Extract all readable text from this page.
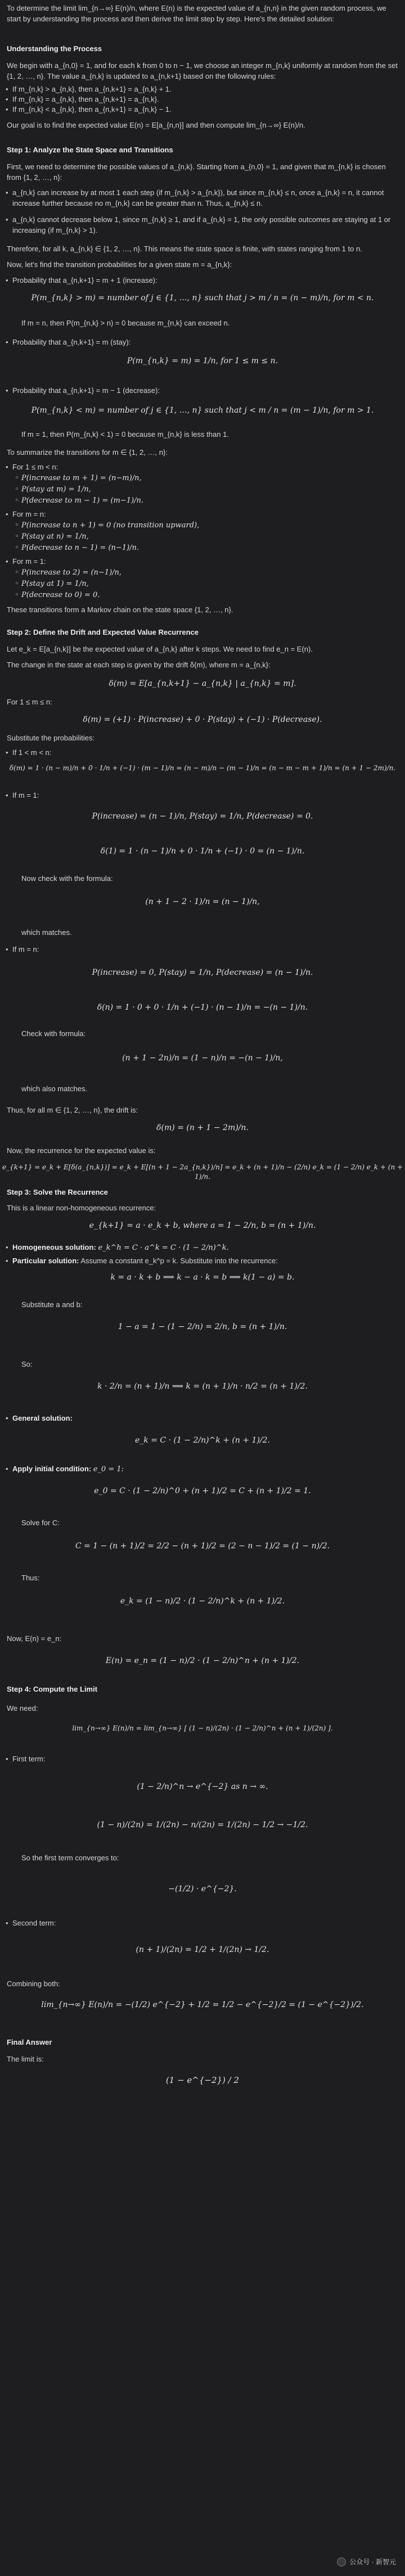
To determine the limit lim_{n→∞} E(n)/n, where E(n) is the expected value of a_{n,n} in the given random process, we start by understanding the process and then derive the limit step by step. Here's the detailed solution:

Understanding the Process

We begin with a_{n,0} = 1, and for each k from 0 to n − 1, we choose an integer m_{n,k} uniformly at random from the set {1, 2, …, n}. The value a_{n,k} is updated to a_{n,k+1} based on the following rules:

• If m_{n,k} > a_{n,k}, then a_{n,k+1} = a_{n,k} + 1.

• If m_{n,k} = a_{n,k}, then a_{n,k+1} = a_{n,k}.

• If m_{n,k} < a_{n,k}, then a_{n,k+1} = a_{n,k} − 1.

Our goal is to find the expected value E(n) = E[a_{n,n}] and then compute lim_{n→∞} E(n)/n.

Step 1: Analyze the State Space and Transitions

First, we need to determine the possible values of a_{n,k}. Starting from a_{n,0} = 1, and given that m_{n,k} is chosen from {1, 2, …, n}:

• a_{n,k} can increase by at most 1 each step (if m_{n,k} > a_{n,k}), but since m_{n,k} ≤ n, once a_{n,k} = n, it cannot increase further because no m_{n,k} can be greater than n. Thus, a_{n,k} ≤ n.

• a_{n,k} cannot decrease below 1, since m_{n,k} ≥ 1, and if a_{n,k} = 1, the only possible outcomes are staying at 1 or increasing (if m_{n,k} > 1).

Therefore, for all k, a_{n,k} ∈ {1, 2, …, n}. This means the state space is finite, with states ranging from 1 to n.

Now, let's find the transition probabilities for a given state m = a_{n,k}:

• Probability that a_{n,k+1} = m + 1 (increase):

P(m_{n,k} > m) = number of j ∈ {1, …, n} such that j > m / n = (n − m)/n, for m < n.

If m = n, then P(m_{n,k} > n) = 0 because m_{n,k} can exceed n.

• Probability that a_{n,k+1} = m (stay):

P(m_{n,k} = m) = 1/n, for 1 ≤ m ≤ n.

• Probability that a_{n,k+1} = m − 1 (decrease):

P(m_{n,k} < m) = number of j ∈ {1, …, n} such that j < m / n = (m − 1)/n, for m > 1.

If m = 1, then P(m_{n,k} < 1) = 0 because m_{n,k} is less than 1.

To summarize the transitions for m ∈ {1, 2, …, n}:

• For 1 ≤ m < n:

◦ P(increase to m + 1) = (n−m)/n,

◦ P(stay at m) = 1/n,

◦ P(decrease to m − 1) = (m−1)/n.

• For m = n:

◦ P(increase to n + 1) = 0 (no transition upward),

◦ P(stay at n) = 1/n,

◦ P(decrease to n − 1) = (n−1)/n.

• For m = 1:

◦ P(increase to 2) = (n−1)/n,

◦ P(stay at 1) = 1/n,

◦ P(decrease to 0) = 0.

These transitions form a Markov chain on the state space {1, 2, …, n}.

Step 2: Define the Drift and Expected Value Recurrence

Let e_k = E[a_{n,k}] be the expected value of a_{n,k} after k steps. We need to find e_n = E(n).

The change in the state at each step is given by the drift δ(m), where m = a_{n,k}:

δ(m) = E[a_{n,k+1} − a_{n,k} | a_{n,k} = m].

For 1 ≤ m ≤ n:

δ(m) = (+1) · P(increase) + 0 · P(stay) + (−1) · P(decrease).

Substitute the probabilities:

• If 1 < m < n:

δ(m) = 1 · (n − m)/n + 0 · 1/n + (−1) · (m − 1)/n = (n − m)/n − (m − 1)/n = (n − m − m + 1)/n = (n + 1 − 2m)/n.

• If m = 1:

P(increase) = (n − 1)/n, P(stay) = 1/n, P(decrease) = 0.
δ(1) = 1 · (n − 1)/n + 0 · 1/n + (−1) · 0 = (n − 1)/n.

Now check with the formula:

(n + 1 − 2 · 1)/n = (n − 1)/n,

which matches.

• If m = n:

P(increase) = 0, P(stay) = 1/n, P(decrease) = (n − 1)/n.
δ(n) = 1 · 0 + 0 · 1/n + (−1) · (n − 1)/n = −(n − 1)/n.

Check with formula:

(n + 1 − 2n)/n = (1 − n)/n = −(n − 1)/n,

which also matches.

Thus, for all m ∈ {1, 2, …, n}, the drift is:

δ(m) = (n + 1 − 2m)/n.

Now, the recurrence for the expected value is:

e_{k+1} = e_k + E[δ(a_{n,k})] = e_k + E[(n + 1 − 2a_{n,k})/n] = e_k + (n + 1)/n − (2/n) e_k = (1 − 2/n) e_k + (n + 1)/n.

Step 3: Solve the Recurrence

This is a linear non-homogeneous recurrence:

e_{k+1} = a · e_k + b, where a = 1 − 2/n, b = (n + 1)/n.

• Homogeneous solution: e_k^h = C · a^k = C · (1 − 2/n)^k.

• Particular solution: Assume a constant e_k^p = k. Substitute into the recurrence:

k = a · k + b ⟹ k − a · k = b ⟹ k(1 − a) = b.

Substitute a and b:

1 − a = 1 − (1 − 2/n) = 2/n, b = (n + 1)/n.

So:

k · 2/n = (n + 1)/n ⟹ k = (n + 1)/n · n/2 = (n + 1)/2.

• General solution:

e_k = C · (1 − 2/n)^k + (n + 1)/2.

• Apply initial condition: e_0 = 1:

e_0 = C · (1 − 2/n)^0 + (n + 1)/2 = C + (n + 1)/2 = 1.

Solve for C:

C = 1 − (n + 1)/2 = 2/2 − (n + 1)/2 = (2 − n − 1)/2 = (1 − n)/2.

Thus:

e_k = (1 − n)/2 · (1 − 2/n)^k + (n + 1)/2.

Now, E(n) = e_n:

E(n) = e_n = (1 − n)/2 · (1 − 2/n)^n + (n + 1)/2.

Step 4: Compute the Limit

We need:

lim_{n→∞} E(n)/n = lim_{n→∞} [ (1 − n)/(2n) · (1 − 2/n)^n + (n + 1)/(2n) ].

• First term:

(1 − 2/n)^n → e^{−2} as n → ∞.
(1 − n)/(2n) = 1/(2n) − n/(2n) = 1/(2n) − 1/2 → −1/2.

So the first term converges to:

−(1/2) · e^{−2}.

• Second term:

(n + 1)/(2n) = 1/2 + 1/(2n) → 1/2.

Combining both:

lim_{n→∞} E(n)/n = −(1/2) e^{−2} + 1/2 = 1/2 − e^{−2}/2 = (1 − e^{−2})/2.

Final Answer

The limit is:

(1 − e^{−2}) / 2
公众号 · 新智元
